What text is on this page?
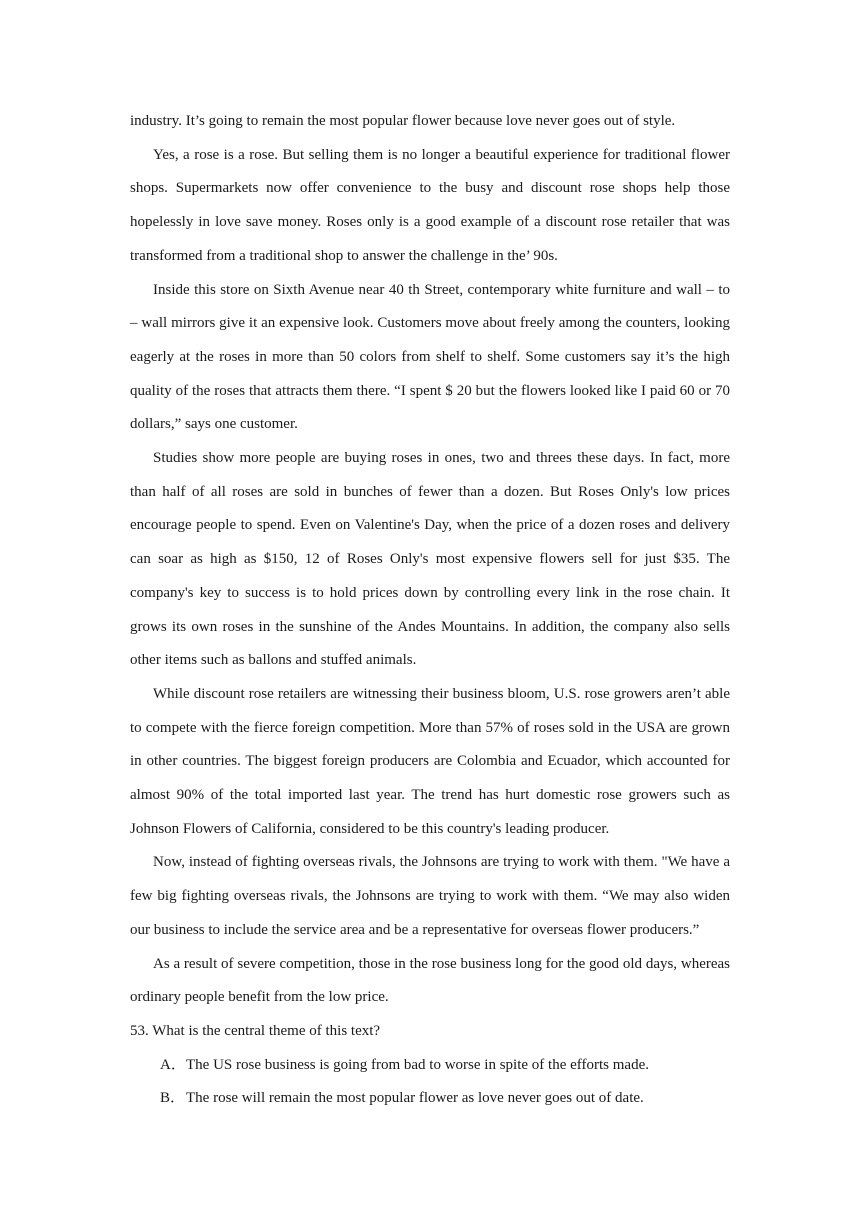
industry. It’s going to remain the most popular flower because love never goes out of style.

Yes, a rose is a rose. But selling them is no longer a beautiful experience for traditional flower shops. Supermarkets now offer convenience to the busy and discount rose shops help those hopelessly in love save money. Roses only is a good example of a discount rose retailer that was transformed from a traditional shop to answer the challenge in the’ 90s.

Inside this store on Sixth Avenue near 40 th Street, contemporary white furniture and wall – to – wall mirrors give it an expensive look. Customers move about freely among the counters, looking eagerly at the roses in more than 50 colors from shelf to shelf. Some customers say it’s the high quality of the roses that attracts them there. “I spent $ 20 but the flowers looked like I paid 60 or 70 dollars,” says one customer.

Studies show more people are buying roses in ones, two and threes these days. In fact, more than half of all roses are sold in bunches of fewer than a dozen. But Roses Only's low prices encourage people to spend. Even on Valentine's Day, when the price of a dozen roses and delivery can soar as high as $150, 12 of Roses Only's most expensive flowers sell for just $35. The company's key to success is to hold prices down by controlling every link in the rose chain. It grows its own roses in the sunshine of the Andes Mountains. In addition, the company also sells other items such as ballons and stuffed animals.

While discount rose retailers are witnessing their business bloom, U.S. rose growers aren’t able to compete with the fierce foreign competition. More than 57% of roses sold in the USA are grown in other countries. The biggest foreign producers are Colombia and Ecuador, which accounted for almost 90% of the total imported last year. The trend has hurt domestic rose growers such as Johnson Flowers of California, considered to be this country's leading producer.

Now, instead of fighting overseas rivals, the Johnsons are trying to work with them. "We have a few big fighting overseas rivals, the Johnsons are trying to work with them. “We may also widen our business to include the service area and be a representative for overseas flower producers.”

As a result of severe competition, those in the rose business long for the good old days, whereas ordinary people benefit from the low price.

53. What is the central theme of this text?

A． The US rose business is going from bad to worse in spite of the efforts made.
B． The rose will remain the most popular flower as love never goes out of date.
